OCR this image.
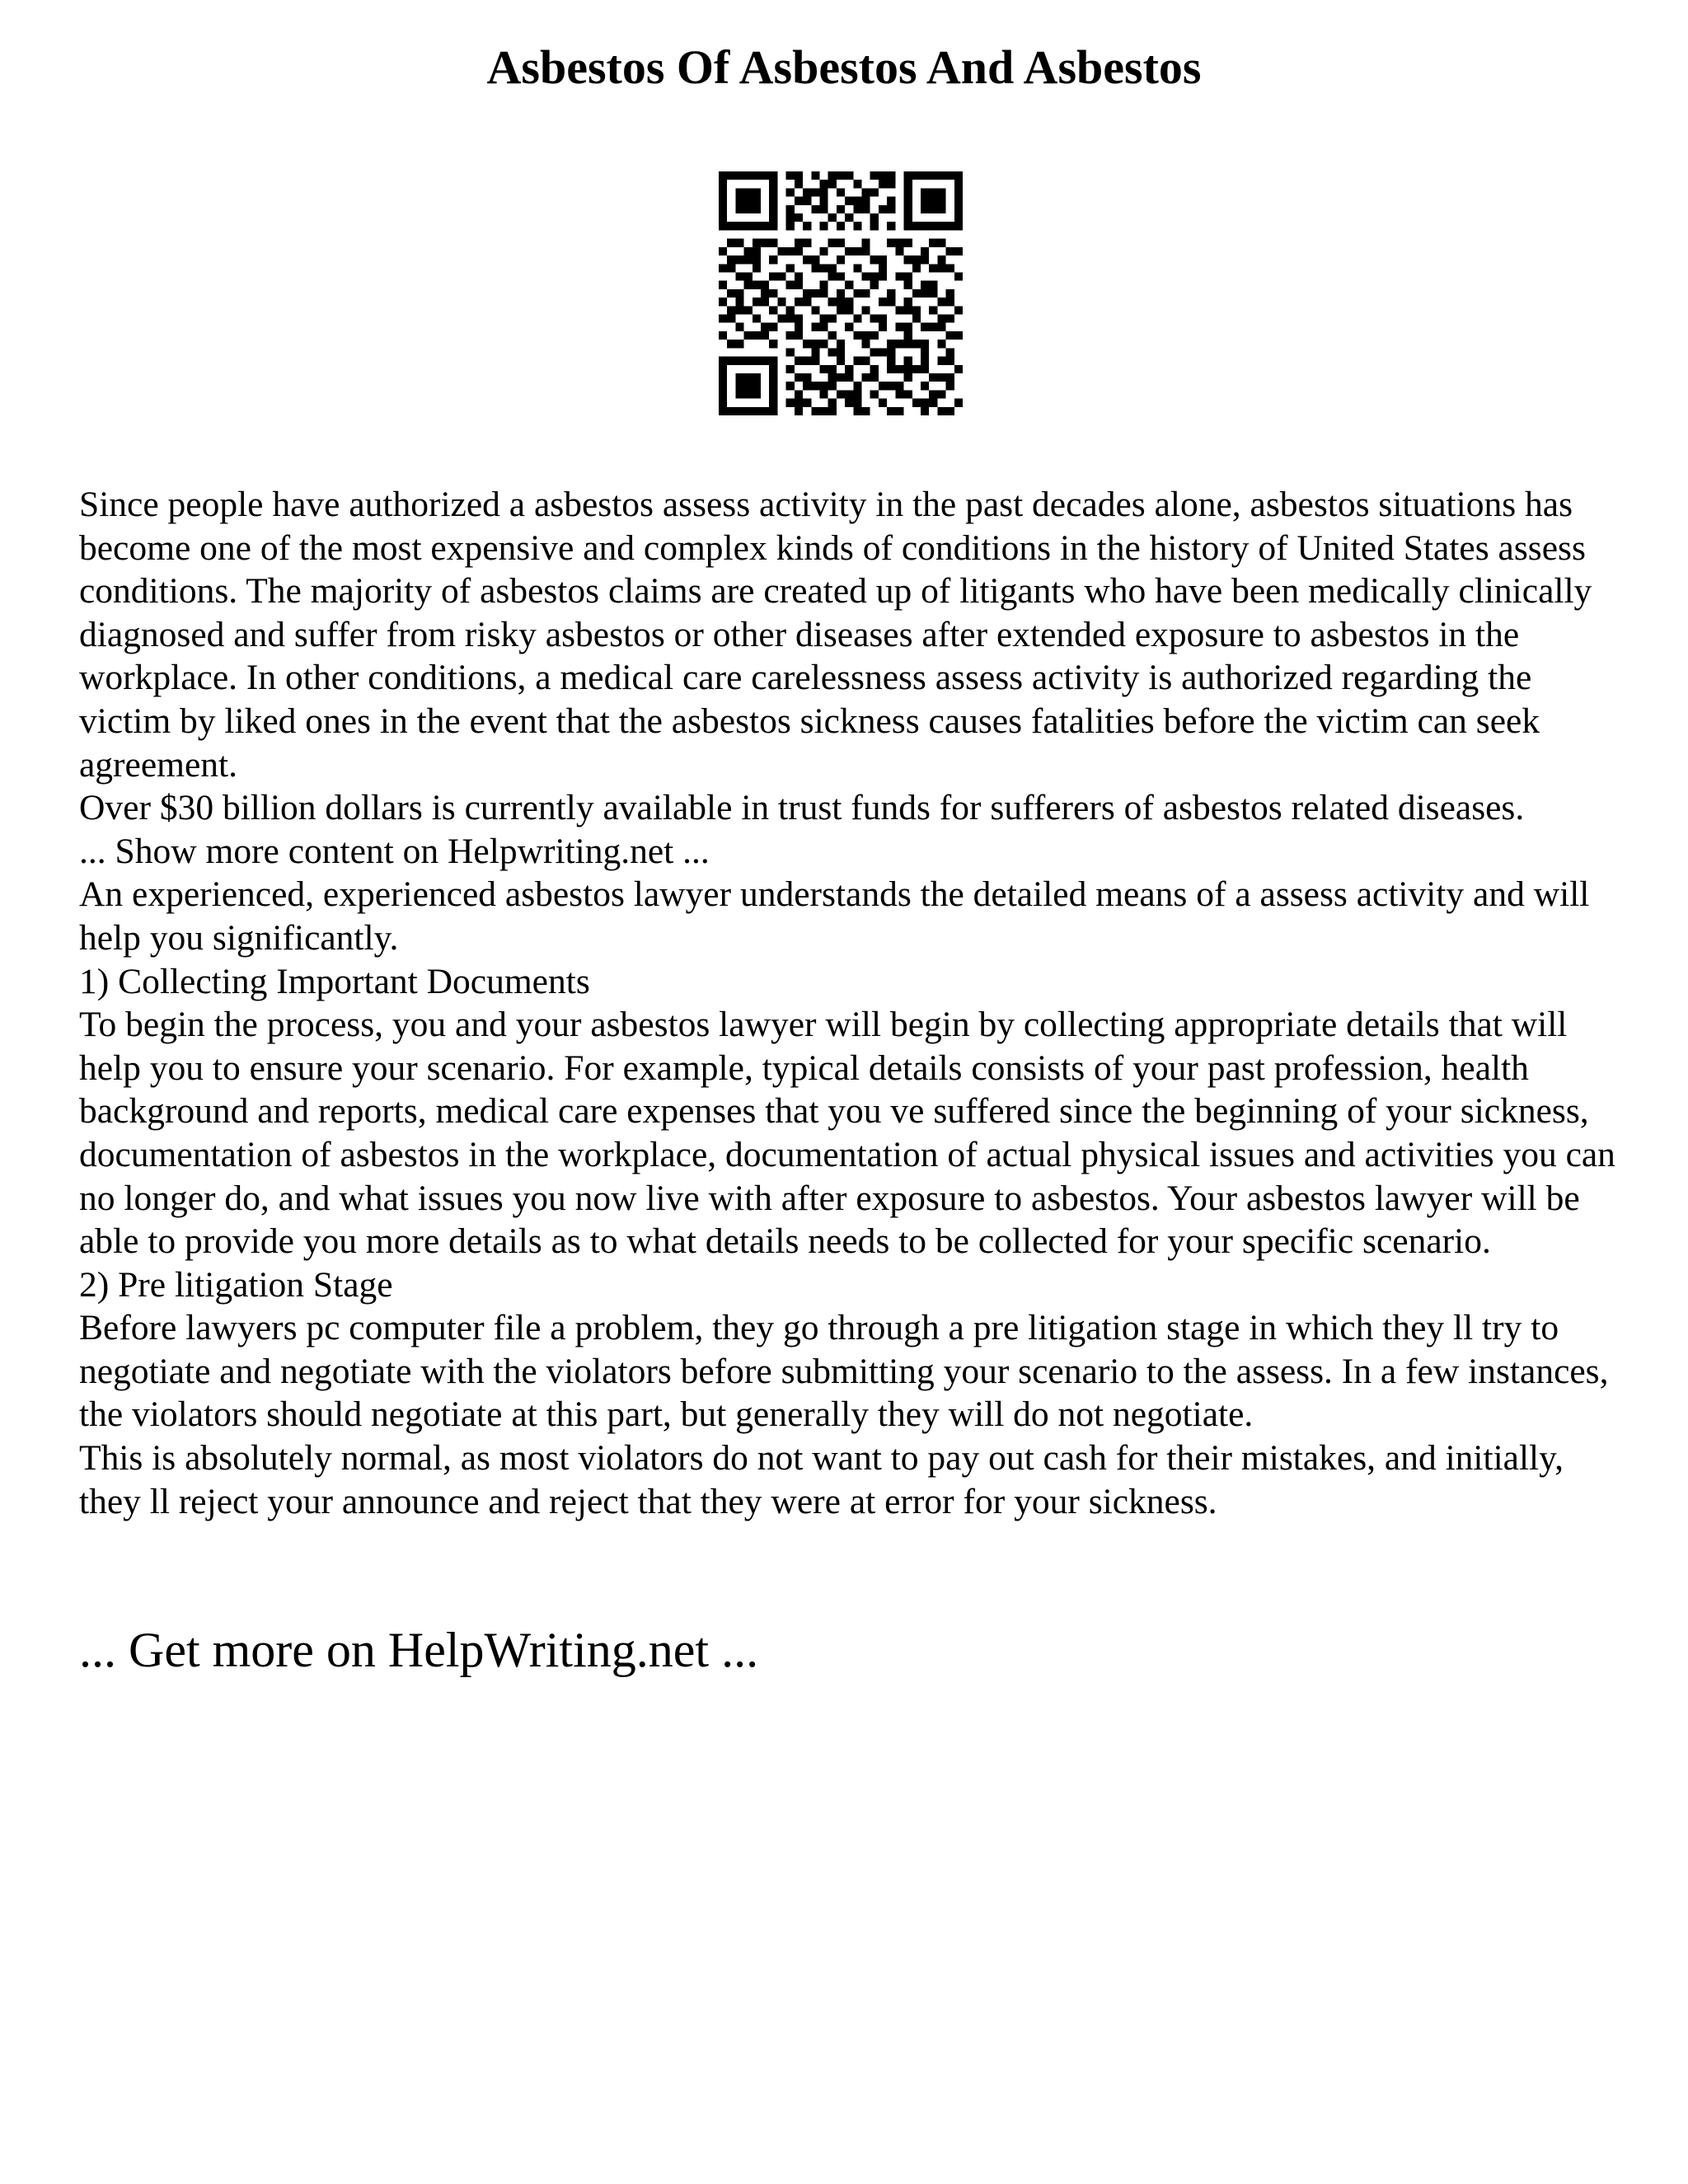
Asbestos Of Asbestos And Asbestos

Since people have authorized a asbestos assess activity in the past decades alone, asbestos situations has become one of the most expensive and complex kinds of conditions in the history of United States assess conditions. The majority of asbestos claims are created up of litigants who have been medically clinically diagnosed and suffer from risky asbestos or other diseases after extended exposure to asbestos in the workplace. In other conditions, a medical care carelessness assess activity is authorized regarding the victim by liked ones in the event that the asbestos sickness causes fatalities before the victim can seek agreement.

Over $30 billion dollars is currently available in trust funds for sufferers of asbestos related diseases.

... Show more content on Helpwriting.net ...

An experienced, experienced asbestos lawyer understands the detailed means of a assess activity and will help you significantly.

1) Collecting Important Documents

To begin the process, you and your asbestos lawyer will begin by collecting appropriate details that will help you to ensure your scenario. For example, typical details consists of your past profession, health background and reports, medical care expenses that you ve suffered since the beginning of your sickness, documentation of asbestos in the workplace, documentation of actual physical issues and activities you can no longer do, and what issues you now live with after exposure to asbestos. Your asbestos lawyer will be able to provide you more details as to what details needs to be collected for your specific scenario.

2) Pre litigation Stage

Before lawyers pc computer file a problem, they go through a pre litigation stage in which they ll try to negotiate and negotiate with the violators before submitting your scenario to the assess. In a few instances, the violators should negotiate at this part, but generally they will do not negotiate.

This is absolutely normal, as most violators do not want to pay out cash for their mistakes, and initially, they ll reject your announce and reject that they were at error for your sickness.

... Get more on HelpWriting.net ...
